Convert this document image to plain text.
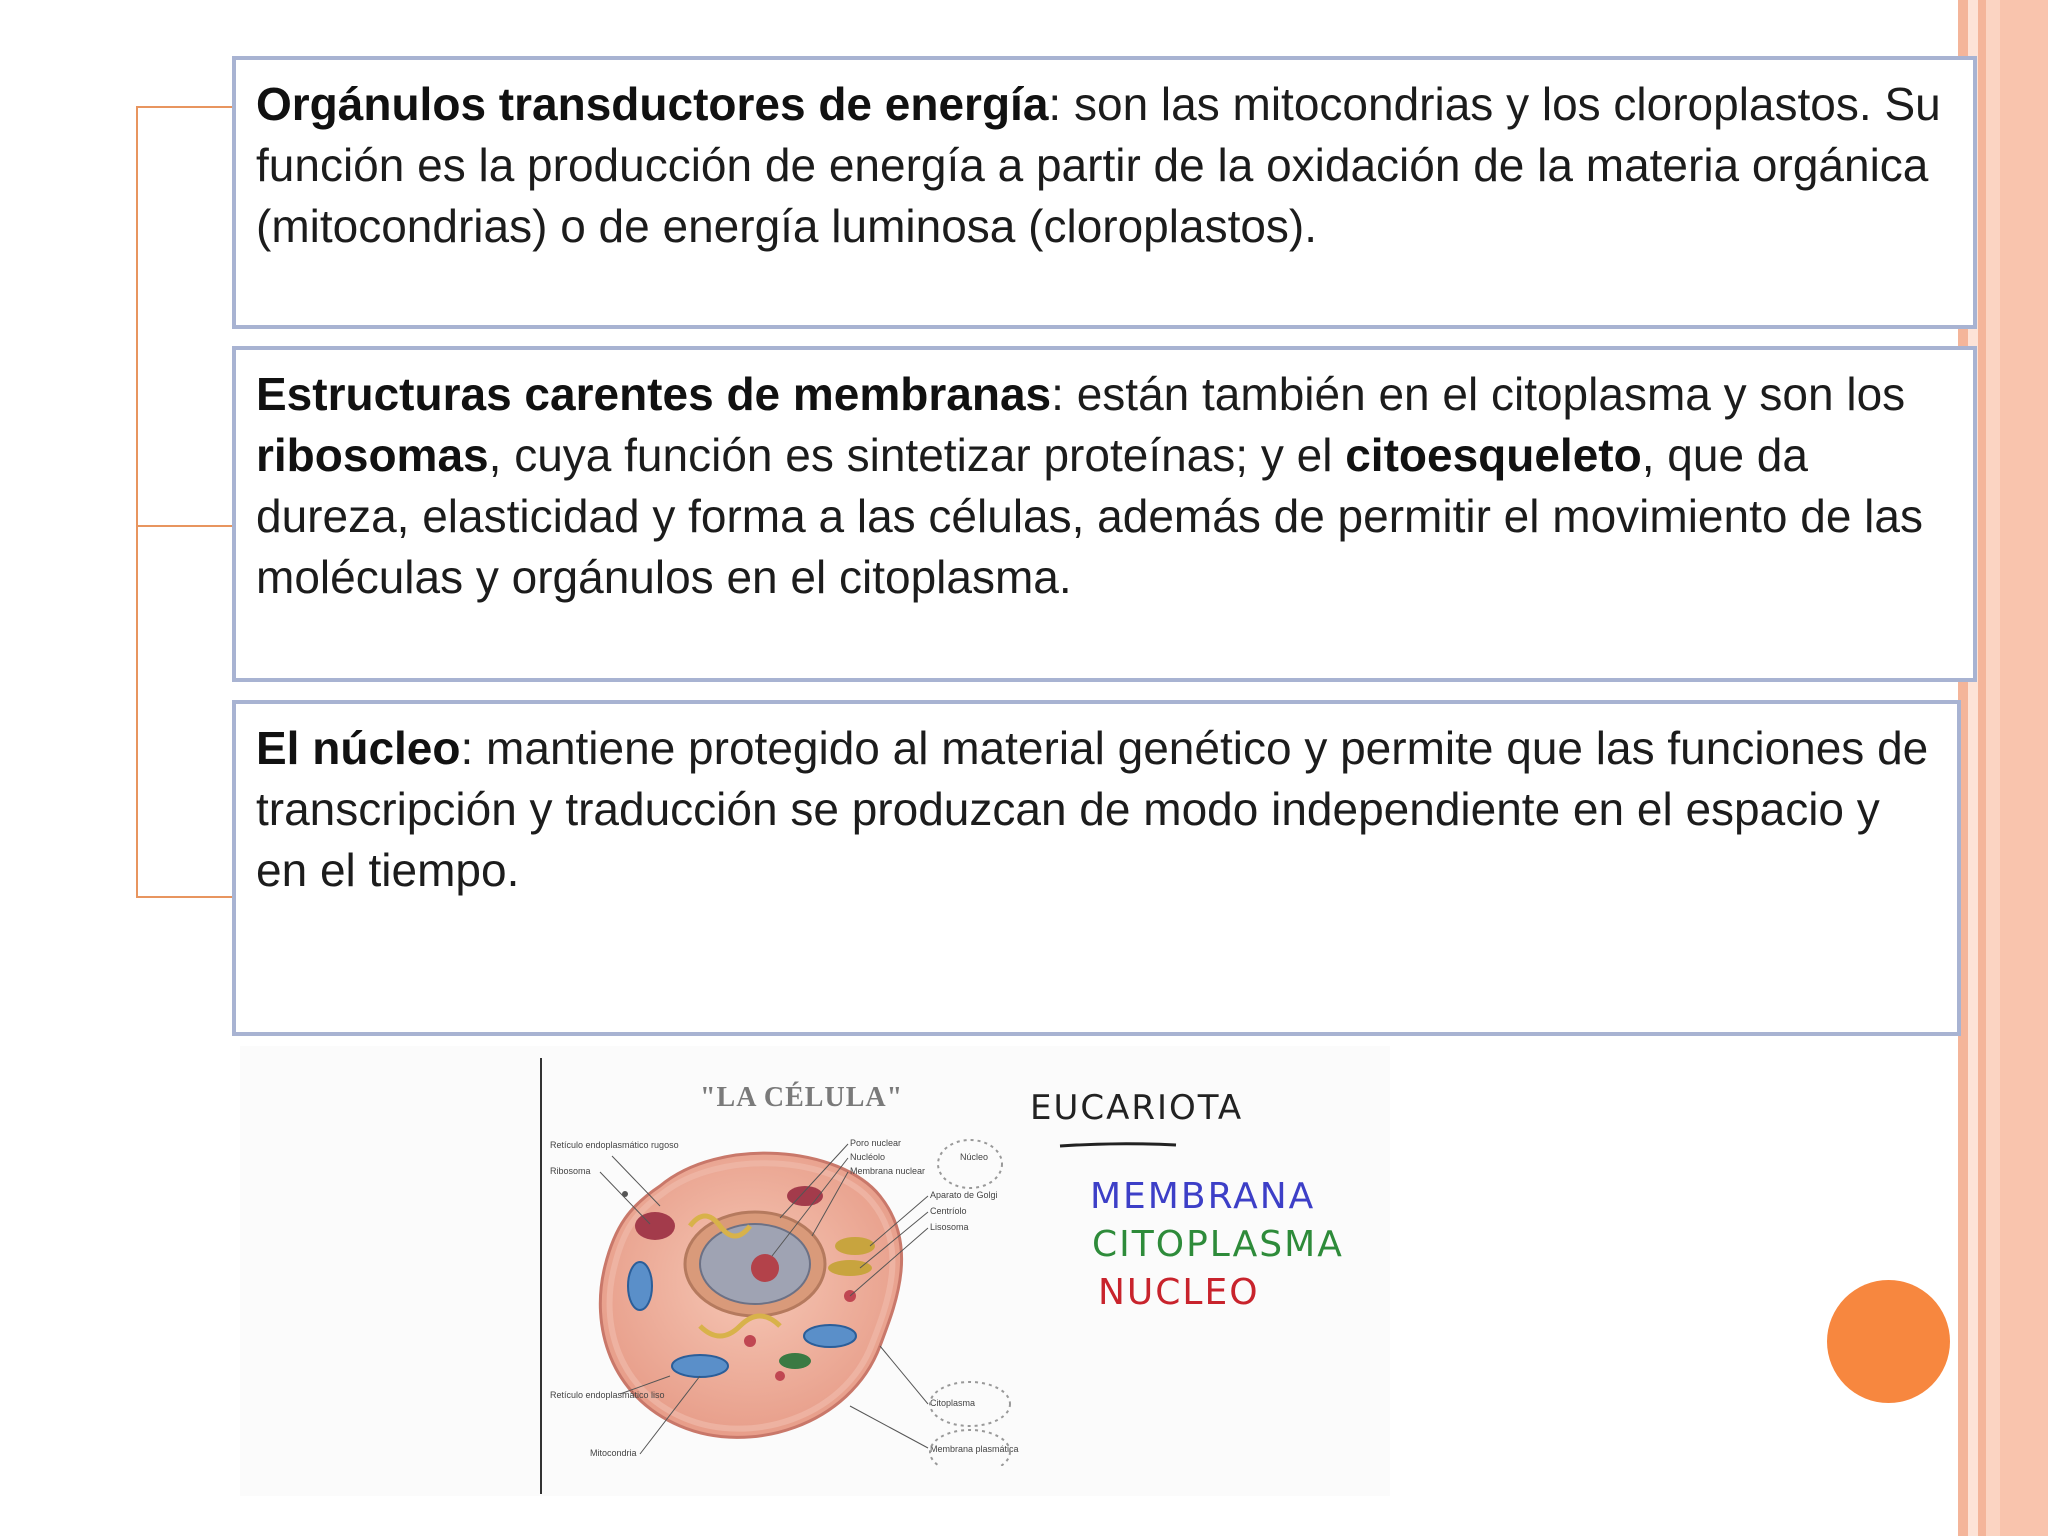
Orgánulos transductores de energía: son las mitocondrias y los cloroplastos. Su función es la producción de energía a partir de la oxidación de la materia orgánica (mitocondrias) o de energía luminosa (cloroplastos).
Estructuras carentes de membranas: están también en el citoplasma y son los ribosomas, cuya función es sintetizar proteínas; y el citoesqueleto, que da dureza, elasticidad y forma a las células, además de permitir el movimiento de las moléculas y orgánulos en el citoplasma.
El núcleo: mantiene protegido al material genético y permite que las funciones de transcripción y traducción se produzcan de modo independiente en el espacio y en el tiempo.
"LA CÉLULA"
Retículo endoplasmático rugoso
Ribosoma
Poro nuclear
Nucléolo
Membrana nuclear
Núcleo
Aparato de Golgi
Centríolo
Lisosoma
Retículo endoplasmático liso
Citoplasma
Mitocondria	Membrana plasmática
EUCARIOTA
MEMBRANA
CITOPLASMA
NUCLEO
